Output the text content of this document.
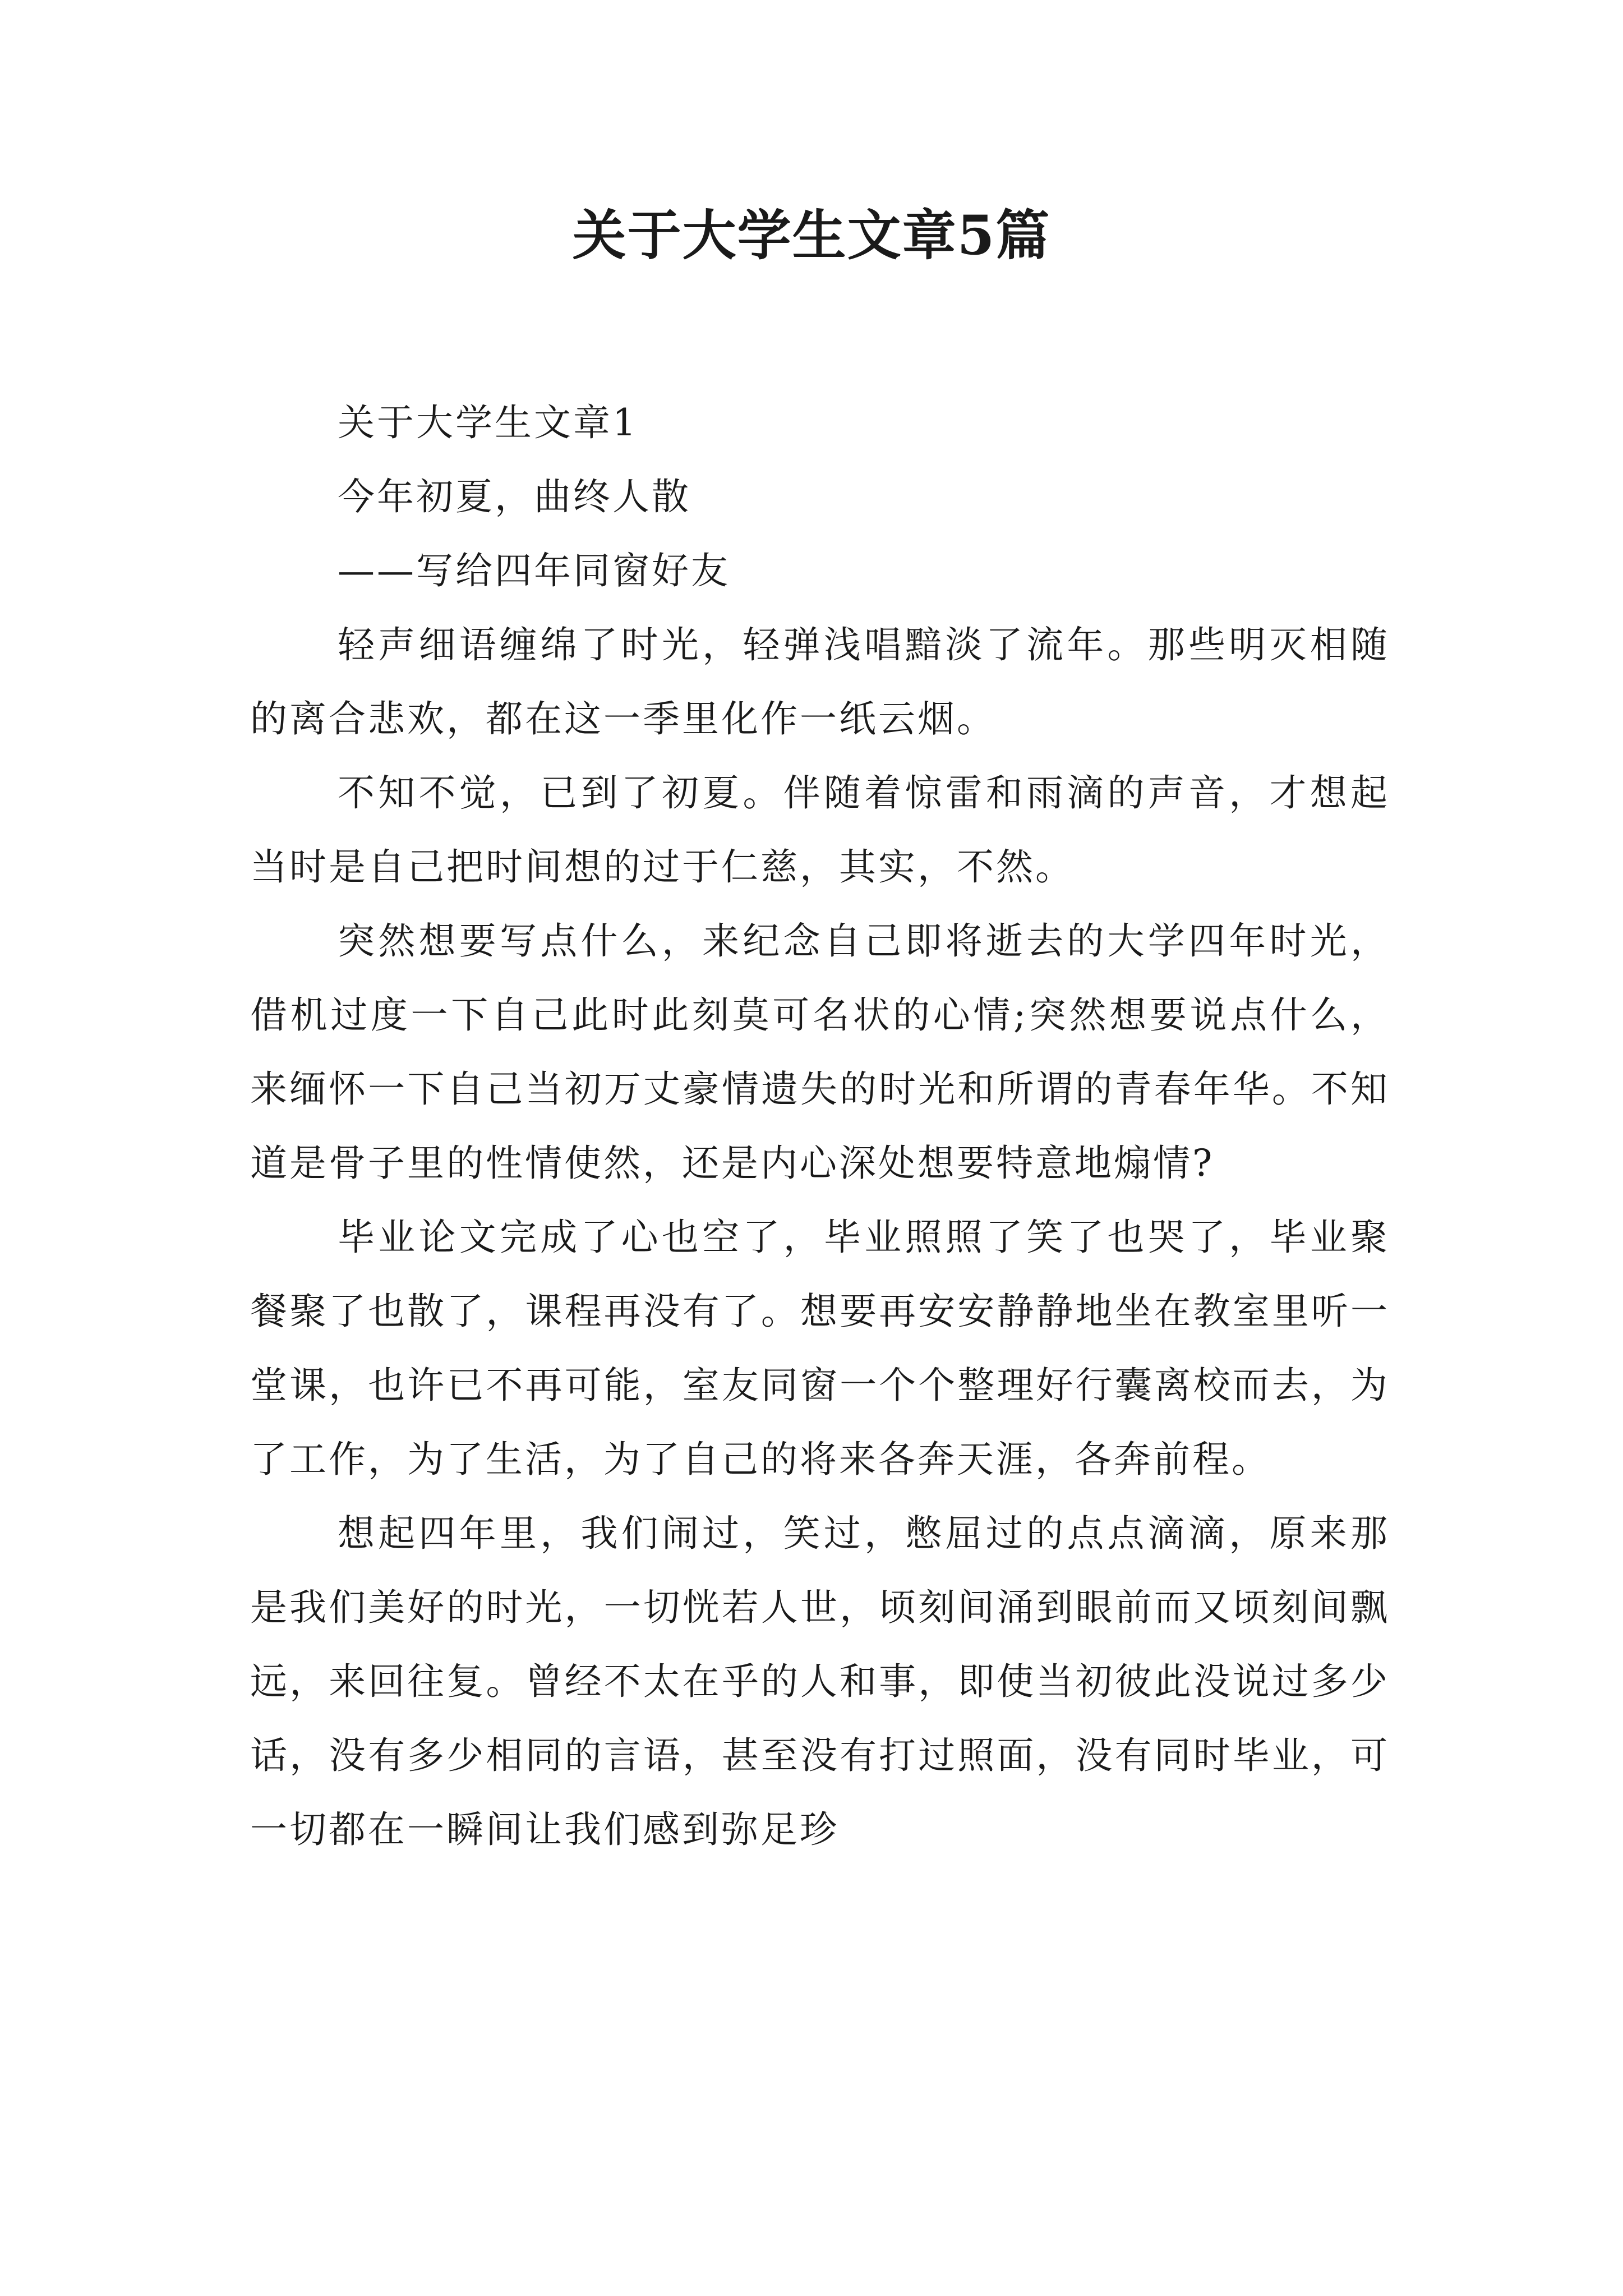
关于大学生文章5篇

关于大学生文章1

今年初夏，曲终人散

——写给四年同窗好友

轻声细语缠绵了时光，轻弹浅唱黯淡了流年。那些明灭相随的离合悲欢，都在这一季里化作一纸云烟。

不知不觉，已到了初夏。伴随着惊雷和雨滴的声音，才想起当时是自己把时间想的过于仁慈，其实，不然。

突然想要写点什么，来纪念自己即将逝去的大学四年时光，借机过度一下自己此时此刻莫可名状的心情;突然想要说点什么，来缅怀一下自己当初万丈豪情遗失的时光和所谓的青春年华。不知道是骨子里的性情使然，还是内心深处想要特意地煽情?

毕业论文完成了心也空了，毕业照照了笑了也哭了，毕业聚餐聚了也散了，课程再没有了。想要再安安静静地坐在教室里听一堂课，也许已不再可能，室友同窗一个个整理好行囊离校而去，为了工作，为了生活，为了自己的将来各奔天涯，各奔前程。

想起四年里，我们闹过，笑过，憋屈过的点点滴滴，原来那是我们美好的时光，一切恍若人世，顷刻间涌到眼前而又顷刻间飘远，来回往复。曾经不太在乎的人和事，即使当初彼此没说过多少话，没有多少相同的言语，甚至没有打过照面，没有同时毕业，可一切都在一瞬间让我们感到弥足珍
